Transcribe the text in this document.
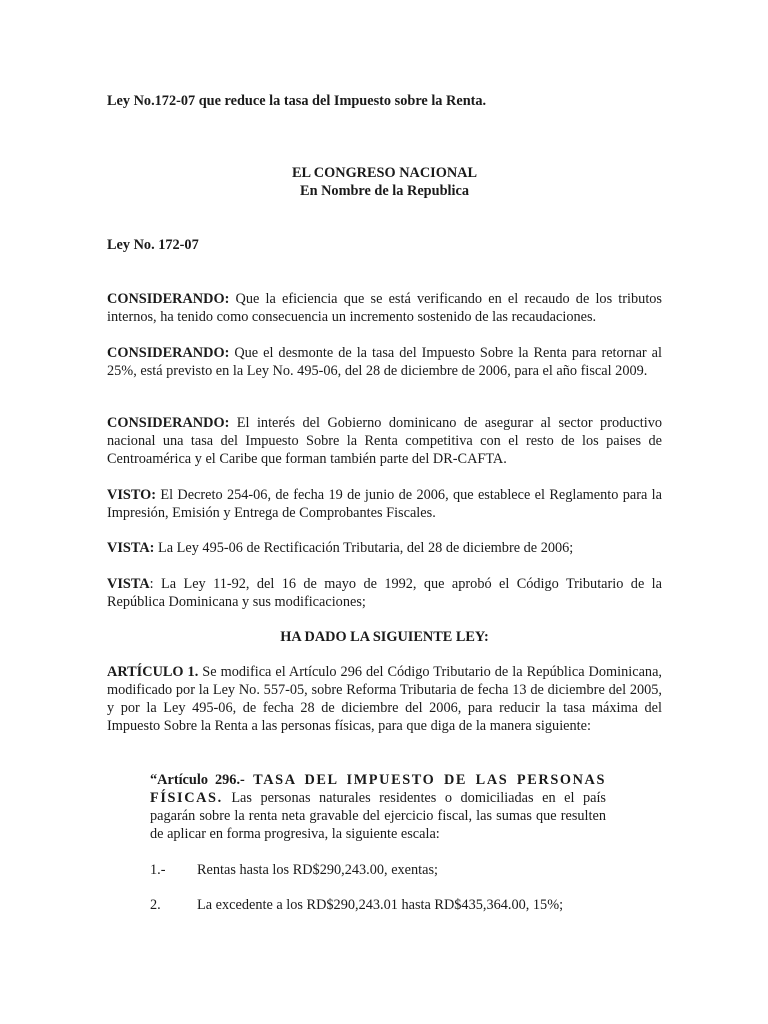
Ley No.172-07 que reduce la tasa del Impuesto sobre la Renta.

EL CONGRESO NACIONAL

En Nombre de la Republica

Ley No. 172-07

CONSIDERANDO: Que la eficiencia que se está verificando en el recaudo de los tributos internos, ha tenido como consecuencia un incremento sostenido de las recaudaciones.

CONSIDERANDO: Que el desmonte de la tasa del Impuesto Sobre la Renta para retornar al 25%, está previsto en la Ley No. 495-06, del 28 de diciembre de 2006, para el año fiscal 2009.

CONSIDERANDO: El interés del Gobierno dominicano de asegurar al sector productivo nacional una tasa del Impuesto Sobre la Renta competitiva con el resto de los paises de Centroamérica y el Caribe que forman también parte del DR-CAFTA.

VISTO: El Decreto 254-06, de fecha 19 de junio de 2006, que establece el Reglamento para la Impresión, Emisión y Entrega de Comprobantes Fiscales.

VISTA: La Ley 495-06 de Rectificación Tributaria, del 28 de diciembre de 2006;

VISTA: La Ley 11-92, del 16 de mayo de 1992, que aprobó el Código Tributario de la República Dominicana y sus modificaciones;

HA DADO LA SIGUIENTE LEY:

ARTÍCULO 1. Se modifica el Artículo 296 del Código Tributario de la República Dominicana, modificado por la Ley No. 557-05, sobre Reforma Tributaria de fecha 13 de diciembre del 2005, y por la Ley 495-06, de fecha 28 de diciembre del 2006, para reducir la tasa máxima del Impuesto Sobre la Renta a las personas físicas, para que diga de la manera siguiente:

“Artículo 296.- TASA DEL IMPUESTO DE LAS PERSONAS FÍSICAS. Las personas naturales residentes o domiciliadas en el país pagarán sobre la renta neta gravable del ejercicio fiscal, las sumas que resulten de aplicar en forma progresiva, la siguiente escala:

1.- Rentas hasta los RD$290,243.00, exentas;
2.	La excedente a los RD$290,243.01 hasta RD$435,364.00, 15%;
